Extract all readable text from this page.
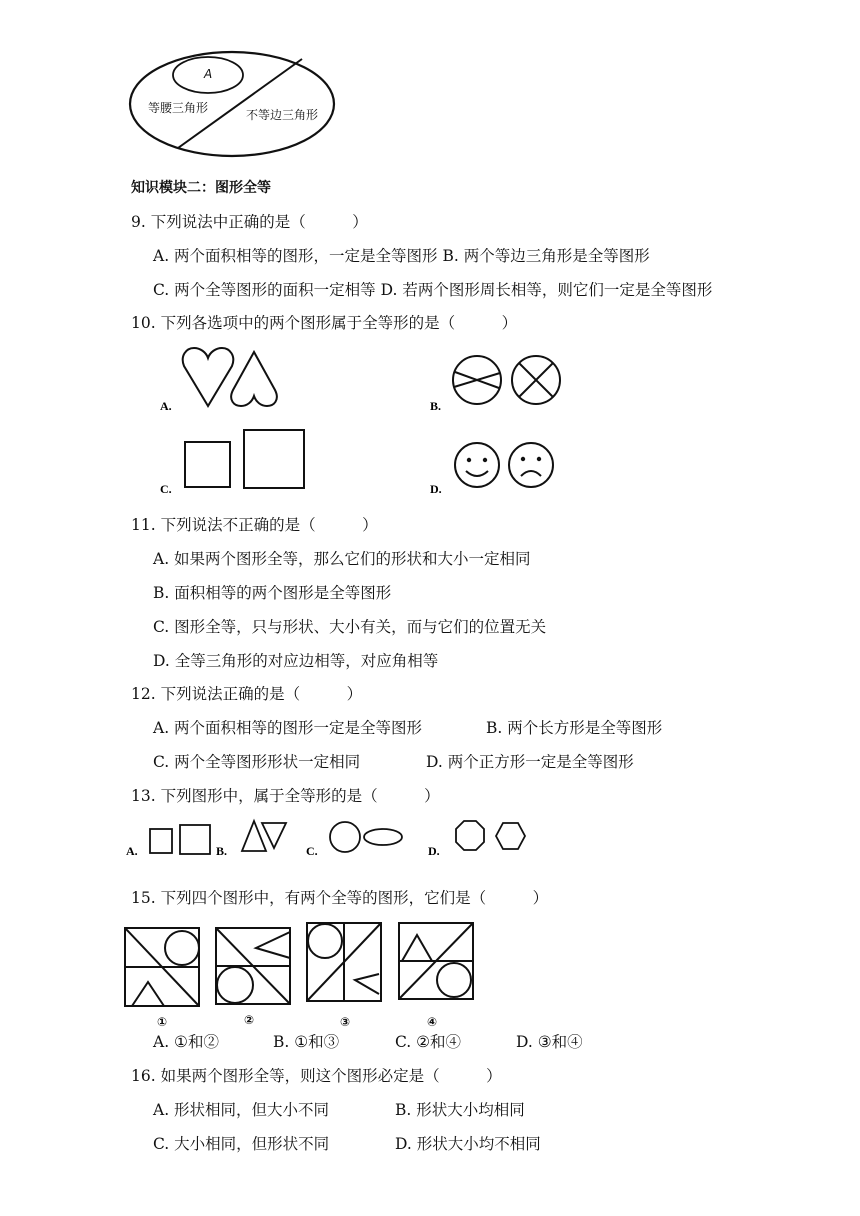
A
等腰三角形	不等边三角形
知识模块二：图形全等
9. 下列说法中正确的是（　　　）
A. 两个面积相等的图形，一定是全等图形 B. 两个等边三角形是全等图形
C. 两个全等图形的面积一定相等 D. 若两个图形周长相等，则它们一定是全等图形
10. 下列各选项中的两个图形属于全等形的是（　　　）
A.	B.
C.	D.
11. 下列说法不正确的是（　　　）
A. 如果两个图形全等，那么它们的形状和大小一定相同
B. 面积相等的两个图形是全等图形
C. 图形全等，只与形状、大小有关，而与它们的位置无关
D. 全等三角形的对应边相等，对应角相等
12. 下列说法正确的是（　　　）
A. 两个面积相等的图形一定是全等图形	B. 两个长方形是全等图形
C. 两个全等图形形状一定相同	D. 两个正方形一定是全等图形
13. 下列图形中，属于全等形的是（　　　）
A.	B.	C.	D.
15. 下列四个图形中，有两个全等的图形，它们是（　　　）
①	②	③	④
A. ①和②	B. ①和③	C. ②和④	D. ③和④
16. 如果两个图形全等，则这个图形必定是（　　　）
A. 形状相同，但大小不同	B. 形状大小均相同
C. 大小相同，但形状不同	D. 形状大小均不相同
